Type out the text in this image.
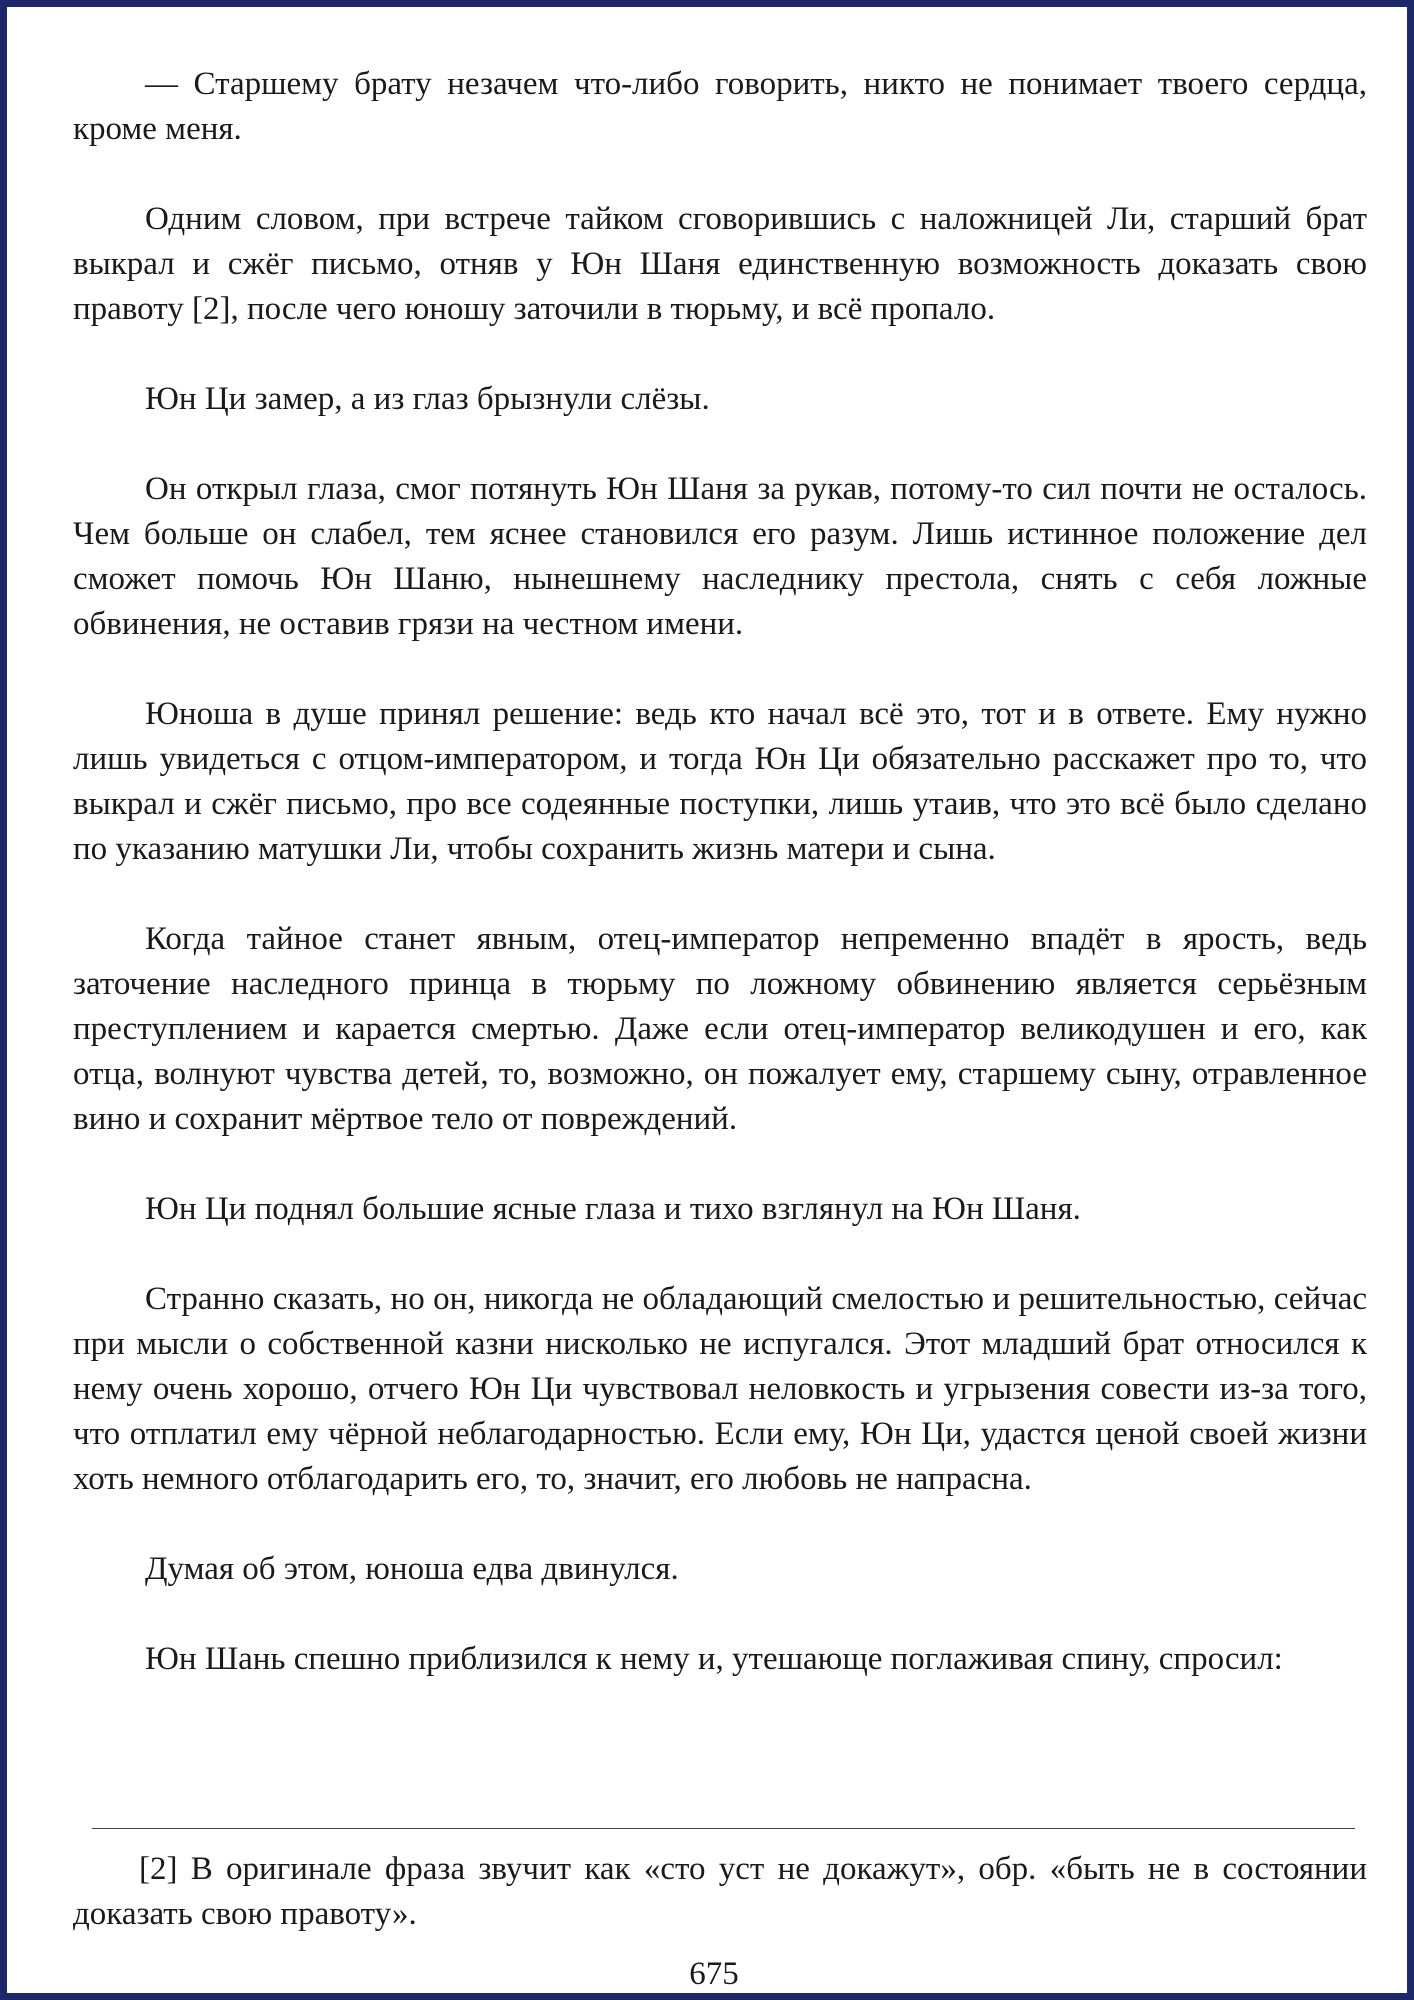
— Старшему брату незачем что-либо говорить, никто не понимает твоего сердца, кроме меня.

Одним словом, при встрече тайком сговорившись с наложницей Ли, старший брат выкрал и сжёг письмо, отняв у Юн Шаня единственную возможность доказать свою правоту [2], после чего юношу заточили в тюрьму, и всё пропало.

Юн Ци замер, а из глаз брызнули слёзы.

Он открыл глаза, смог потянуть Юн Шаня за рукав, потому-то сил почти не осталось. Чем больше он слабел, тем яснее становился его разум. Лишь истинное положение дел сможет помочь Юн Шаню, нынешнему наследнику престола, снять с себя ложные обвинения, не оставив грязи на честном имени.

Юноша в душе принял решение: ведь кто начал всё это, тот и в ответе. Ему нужно лишь увидеться с отцом-императором, и тогда Юн Ци обязательно расскажет про то, что выкрал и сжёг письмо, про все содеянные поступки, лишь утаив, что это всё было сделано по указанию матушки Ли, чтобы сохранить жизнь матери и сына.

Когда тайное станет явным, отец-император непременно впадёт в ярость, ведь заточение наследного принца в тюрьму по ложному обвинению является серьёзным преступлением и карается смертью. Даже если отец-император великодушен и его, как отца, волнуют чувства детей, то, возможно, он пожалует ему, старшему сыну, отравленное вино и сохранит мёртвое тело от повреждений.

Юн Ци поднял большие ясные глаза и тихо взглянул на Юн Шаня.

Странно сказать, но он, никогда не обладающий смелостью и решительностью, сейчас при мысли о собственной казни нисколько не испугался. Этот младший брат относился к нему очень хорошо, отчего Юн Ци чувствовал неловкость и угрызения совести из-за того, что отплатил ему чёрной неблагодарностью. Если ему, Юн Ци, удастся ценой своей жизни хоть немного отблагодарить его, то, значит, его любовь не напрасна.

Думая об этом, юноша едва двинулся.

Юн Шань спешно приблизился к нему и, утешающе поглаживая спину, спросил:

[2] В оригинале фраза звучит как «сто уст не докажут», обр. «быть не в состоянии доказать свою правоту».

675
